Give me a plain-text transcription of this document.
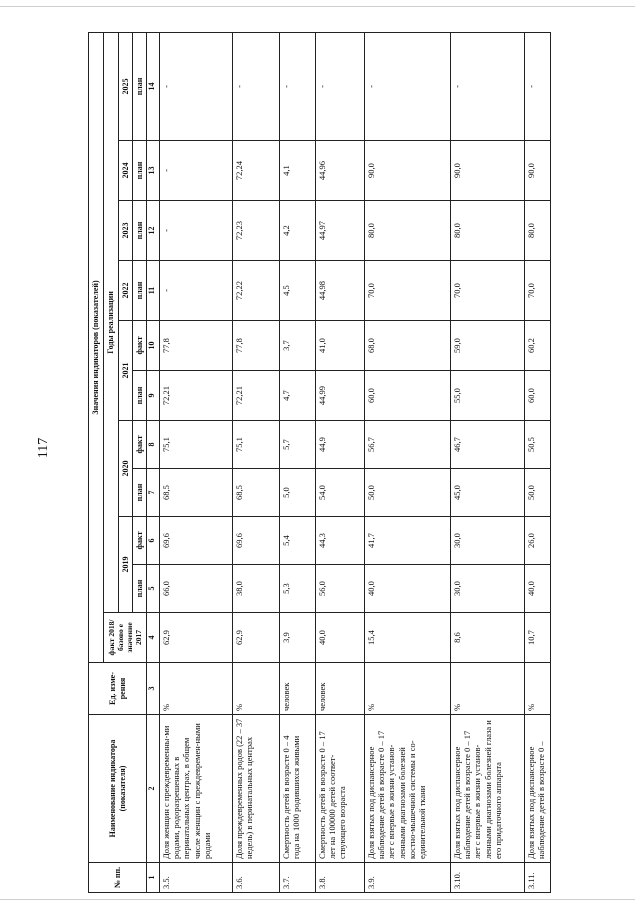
117
№ пп.	Наименование индикатора (показателя)	Ед. изме-рения	Значения индикаторов (показателей)										
			факт 2018/базово е значение 2017	Годы реализации									
				2019		2020		2021		2022	2023	2024	2025
				план	факт	план	факт	план	факт	план	план	план	план
1	2	3	4	5	6	7	8	9	10	11	12	13	14
3.5.	Доля женщин с преждевременны-ми родами, родоразрешенных в перинатальных центрах, в общем числе женщин с преждевремен-ными родами	%	62,9	66,0	69,6	68,5	75,1	72,21	77,8	-	-	-	-
3.6.	Доля преждевременных родов (22 – 37 недель) в перинатальных центрах	%	62,9	38,0	69,6	68,5	75,1	72,21	77,8	72,22	72,23	72,24	-
3.7.	Смертность детей в возрасте 0 – 4 года на 1000 родившихся живыми	человек	3,9	5,3	5,4	5,0	5,7	4,7	3,7	4,5	4,2	4,1	-
3.8.	Смертность детей в возрасте 0 – 17 лет на 100000 детей соответ-ствующего возраста	человек	40,0	56,0	44,3	54,0	44,9	44,99	41,0	44,98	44,97	44,96	-
3.9.	Доля взятых под диспансерное наблюдение детей в возрасте 0 – 17 лет с впервые в жизни установ-ленными диагнозами болезней костно-мышечной системы и со-единительной ткани	%	15,4	40,0	41,7	50,0	56,7	60,0	68,0	70,0	80,0	90,0	-
3.10.	Доля взятых под диспансерное наблюдение детей в возрасте 0 – 17 лет с впервые в жизни установ-ленными диагнозами болезней глаза и его придаточного аппарата	%	8,6	30,0	30,0	45,0	46,7	55,0	59,0	70,0	80,0	90,0	-
3.11.	Доля взятых под диспансерное наблюдение детей в возрасте 0 –	%	10,7	40,0	26,0	50,0	50,5	60,0	60,2	70,0	80,0	90,0	-
